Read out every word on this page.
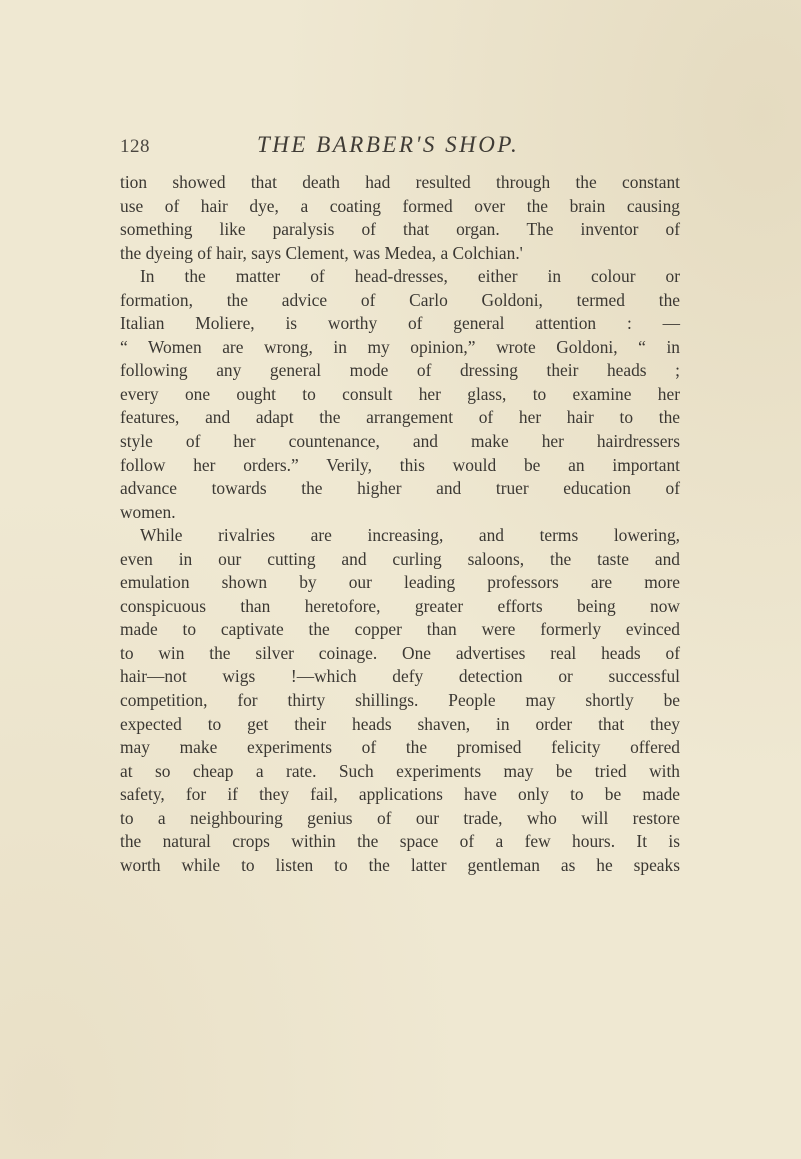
128	THE BARBER'S SHOP.
tion showed that death had resulted through the constant
use of hair dye, a coating formed over the brain causing
something like paralysis of that organ. The inventor of
the dyeing of hair, says Clement, was Medea, a Colchian.'
In the matter of head-dresses, either in colour or
formation, the advice of Carlo Goldoni, termed the
Italian Moliere, is worthy of general attention : —
“ Women are wrong, in my opinion,” wrote Goldoni, “ in
following any general mode of dressing their heads ;
every one ought to consult her glass, to examine her
features, and adapt the arrangement of her hair to the
style of her countenance, and make her hairdressers
follow her orders.” Verily, this would be an important
advance towards the higher and truer education of
women.
While rivalries are increasing, and terms lowering,
even in our cutting and curling saloons, the taste and
emulation shown by our leading professors are more
conspicuous than heretofore, greater efforts being now
made to captivate the copper than were formerly evinced
to win the silver coinage. One advertises real heads of
hair—not wigs !—which defy detection or successful
competition, for thirty shillings. People may shortly be
expected to get their heads shaven, in order that they
may make experiments of the promised felicity offered
at so cheap a rate. Such experiments may be tried with
safety, for if they fail, applications have only to be made
to a neighbouring genius of our trade, who will restore
the natural crops within the space of a few hours. It is
worth while to listen to the latter gentleman as he speaks
